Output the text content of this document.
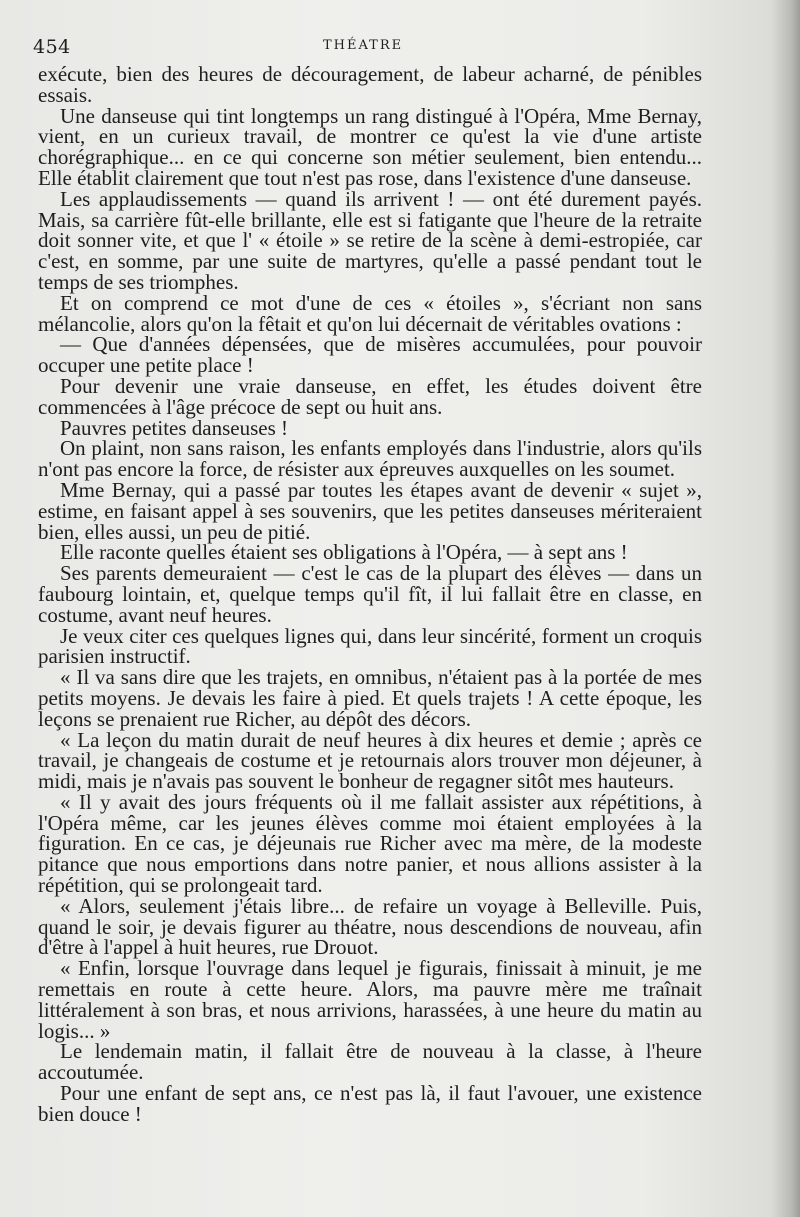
454	THÉATRE

exécute, bien des heures de découragement, de labeur acharné, de pénibles essais.

Une danseuse qui tint longtemps un rang distingué à l'Opéra, Mme Bernay, vient, en un curieux travail, de montrer ce qu'est la vie d'une artiste chorégraphique... en ce qui concerne son métier seulement, bien entendu... Elle établit clairement que tout n'est pas rose, dans l'existence d'une danseuse.

Les applaudissements — quand ils arrivent ! — ont été durement payés. Mais, sa carrière fût-elle brillante, elle est si fatigante que l'heure de la retraite doit sonner vite, et que l' « étoile » se retire de la scène à demi-estropiée, car c'est, en somme, par une suite de martyres, qu'elle a passé pendant tout le temps de ses triomphes.

Et on comprend ce mot d'une de ces « étoiles », s'écriant non sans mélancolie, alors qu'on la fêtait et qu'on lui décernait de véritables ovations :

— Que d'années dépensées, que de misères accumulées, pour pouvoir occuper une petite place !

Pour devenir une vraie danseuse, en effet, les études doivent être commencées à l'âge précoce de sept ou huit ans.

Pauvres petites danseuses !

On plaint, non sans raison, les enfants employés dans l'industrie, alors qu'ils n'ont pas encore la force, de résister aux épreuves auxquelles on les soumet.

Mme Bernay, qui a passé par toutes les étapes avant de devenir « sujet », estime, en faisant appel à ses souvenirs, que les petites danseuses mériteraient bien, elles aussi, un peu de pitié.

Elle raconte quelles étaient ses obligations à l'Opéra, — à sept ans !

Ses parents demeuraient — c'est le cas de la plupart des élèves — dans un faubourg lointain, et, quelque temps qu'il fît, il lui fallait être en classe, en costume, avant neuf heures.

Je veux citer ces quelques lignes qui, dans leur sincérité, forment un croquis parisien instructif.

« Il va sans dire que les trajets, en omnibus, n'étaient pas à la portée de mes petits moyens. Je devais les faire à pied. Et quels trajets ! A cette époque, les leçons se prenaient rue Richer, au dépôt des décors.

« La leçon du matin durait de neuf heures à dix heures et demie ; après ce travail, je changeais de costume et je retournais alors trouver mon déjeuner, à midi, mais je n'avais pas souvent le bonheur de regagner sitôt mes hauteurs.

« Il y avait des jours fréquents où il me fallait assister aux répétitions, à l'Opéra même, car les jeunes élèves comme moi étaient employées à la figuration. En ce cas, je déjeunais rue Richer avec ma mère, de la modeste pitance que nous emportions dans notre panier, et nous allions assister à la répétition, qui se prolongeait tard.

« Alors, seulement j'étais libre... de refaire un voyage à Belleville. Puis, quand le soir, je devais figurer au théatre, nous descendions de nouveau, afin d'être à l'appel à huit heures, rue Drouot.

« Enfin, lorsque l'ouvrage dans lequel je figurais, finissait à minuit, je me remettais en route à cette heure. Alors, ma pauvre mère me traînait littéralement à son bras, et nous arrivions, harassées, à une heure du matin au logis... »

Le lendemain matin, il fallait être de nouveau à la classe, à l'heure accoutumée.

Pour une enfant de sept ans, ce n'est pas là, il faut l'avouer, une existence bien douce !
